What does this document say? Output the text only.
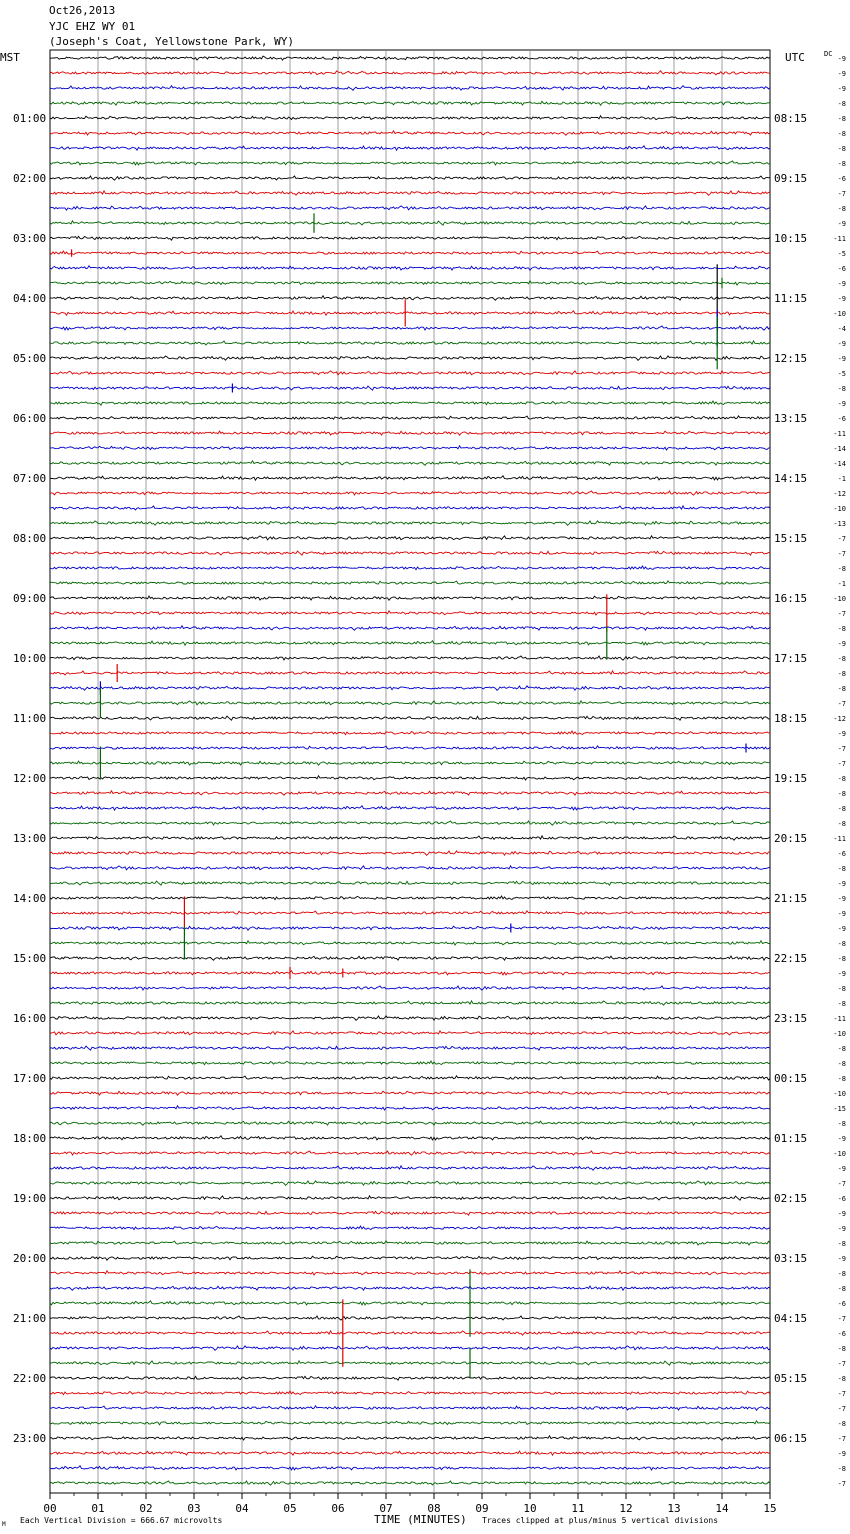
Oct26,2013
YJC EHZ WY 01
(Joseph's Coat, Yellowstone Park, WY)
00	01	02	03	04	05	06	07	08	09	10	11	12	13	14	15
-9
-9
-9
-8
-8
-8
-8
-8
-6
-7
-8
-9
-11
-5
-6
-9
-9
-10
-4
-9
-9
-5
-8
-9
-6
-11
-14
-14
-1
-12
-10
-13
-7
-7
-8
-1
-10
-7
-8
-9
-8
-8
-8
-7
-12
-9
-7
-7
-8
-8
-8
-8
-11
-6
-8
-9
-9
-9
-9
-8
-8
-9
-8
-8
-11
-10
-8
-8
-8
-10
-15
-8
-9
-10
-9
-7
-6
-9
-9
-8
-9
-8
-8
-6
-7
-6
-8
-7
-8
-7
-7
-8
-7
-9
-8
-7
01:00
02:00
03:00
04:00
05:00
06:00
07:00
08:00
09:00
10:00
11:00
12:00
13:00
14:00
15:00
16:00
17:00
18:00
19:00
20:00
21:00
22:00
23:00
08:15
09:15
10:15
11:15
12:15
13:15
14:15
15:15
16:15
17:15
18:15
19:15
20:15
21:15
22:15
23:15
00:15
01:15
02:15
03:15
04:15
05:15
06:15
MST	UTC	DC
TIME (MINUTES)
Each Vertical Division = 666.67 microvolts	Traces clipped at plus/minus 5 vertical divisions
M
